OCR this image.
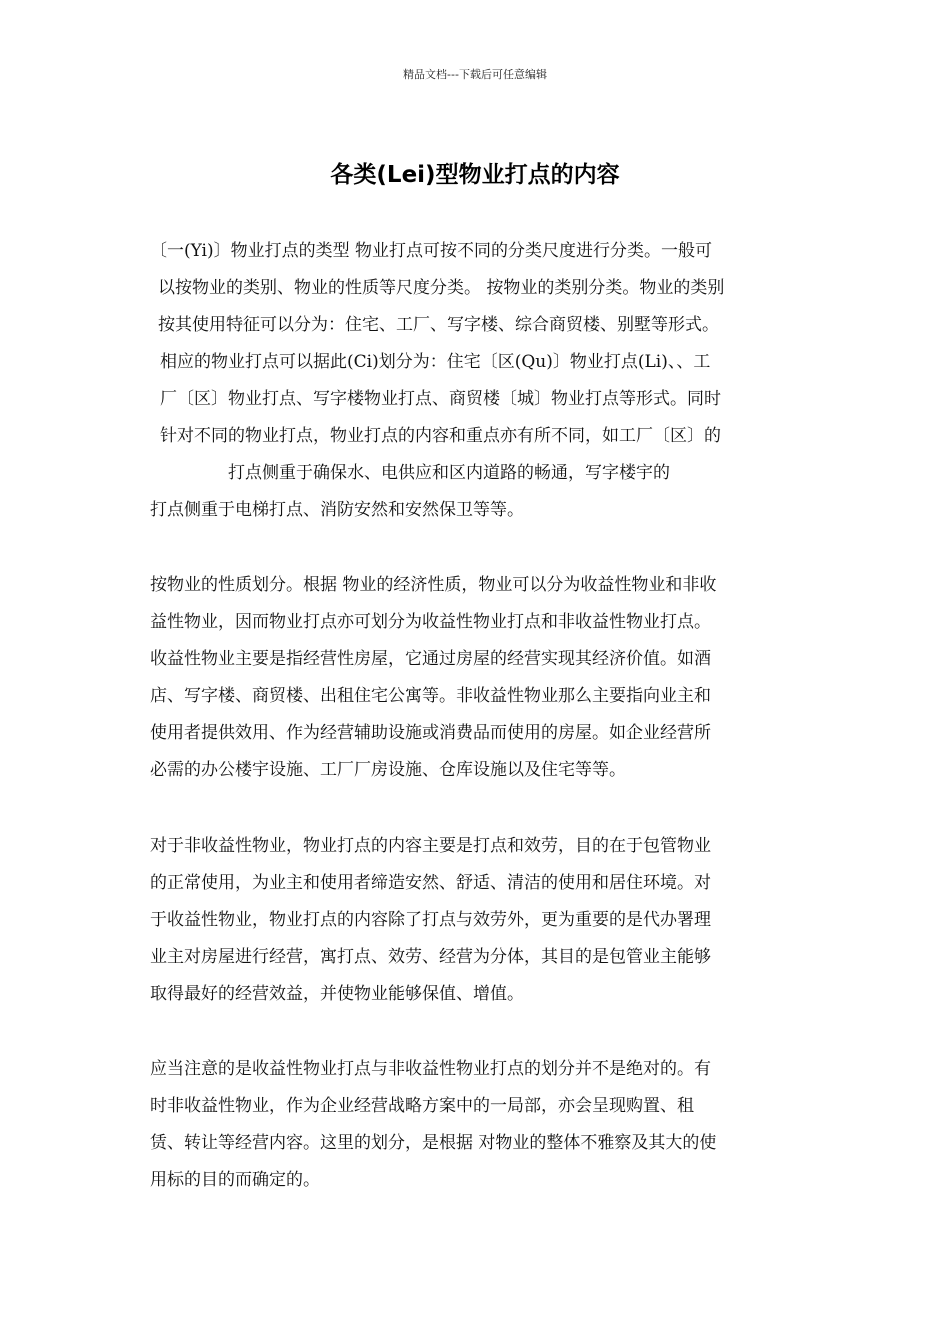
精品文档---下载后可任意编辑
各类(Lei)型物业打点的内容
〔一(Yi)〕物业打点的类型 物业打点可按不同的分类尺度进行分类。一般可
以按物业的类别、物业的性质等尺度分类。 按物业的类别分类。物业的类别
按其使用特征可以分为：住宅、工厂、写字楼、综合商贸楼、别墅等形式。
相应的物业打点可以据此(Ci)划分为：住宅〔区(Qu)〕物业打点(Li)、、工
厂〔区〕物业打点、写字楼物业打点、商贸楼〔城〕物业打点等形式。同时
针对不同的物业打点，物业打点的内容和重点亦有所不同，如工厂〔区〕的
打点侧重于确保水、电供应和区内道路的畅通，写字楼宇的
打点侧重于电梯打点、消防安然和安然保卫等等。
按物业的性质划分。根据 物业的经济性质，物业可以分为收益性物业和非收
益性物业，因而物业打点亦可划分为收益性物业打点和非收益性物业打点。
收益性物业主要是指经营性房屋，它通过房屋的经营实现其经济价值。如酒
店、写字楼、商贸楼、出租住宅公寓等。非收益性物业那么主要指向业主和
使用者提供效用、作为经营辅助设施或消费品而使用的房屋。如企业经营所
必需的办公楼宇设施、工厂厂房设施、仓库设施以及住宅等等。
对于非收益性物业，物业打点的内容主要是打点和效劳，目的在于包管物业
的正常使用，为业主和使用者缔造安然、舒适、清洁的使用和居住环境。对
于收益性物业，物业打点的内容除了打点与效劳外，更为重要的是代办署理
业主对房屋进行经营，寓打点、效劳、经营为分体，其目的是包管业主能够
取得最好的经营效益，并使物业能够保值、增值。
应当注意的是收益性物业打点与非收益性物业打点的划分并不是绝对的。有
时非收益性物业，作为企业经营战略方案中的一局部，亦会呈现购置、租
赁、转让等经营内容。这里的划分，是根据 对物业的整体不雅察及其大的使
用标的目的而确定的。
